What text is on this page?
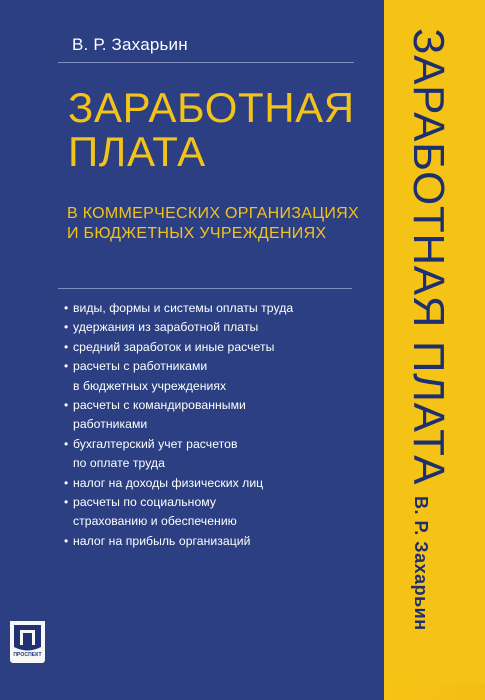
В. Р. Захарьин
ЗАРАБОТНАЯ
ПЛАТА
В КОММЕРЧЕСКИХ ОРГАНИЗАЦИЯХ
И БЮДЖЕТНЫХ УЧРЕЖДЕНИЯХ
• виды, формы и системы оплаты труда
• удержания из заработной платы
• средний заработок и иные расчеты
• расчеты с работниками
в бюджетных учреждениях
• расчеты с командированными
работниками
• бухгалтерский учет расчетов
по оплате труда
• налог на доходы физических лиц
• расчеты по социальному
страхованию и обеспечению
• налог на прибыль организаций
ЗАРАБОТНАЯ ПЛАТА
В. Р. Захарьин
ПРОСПЕКТ
